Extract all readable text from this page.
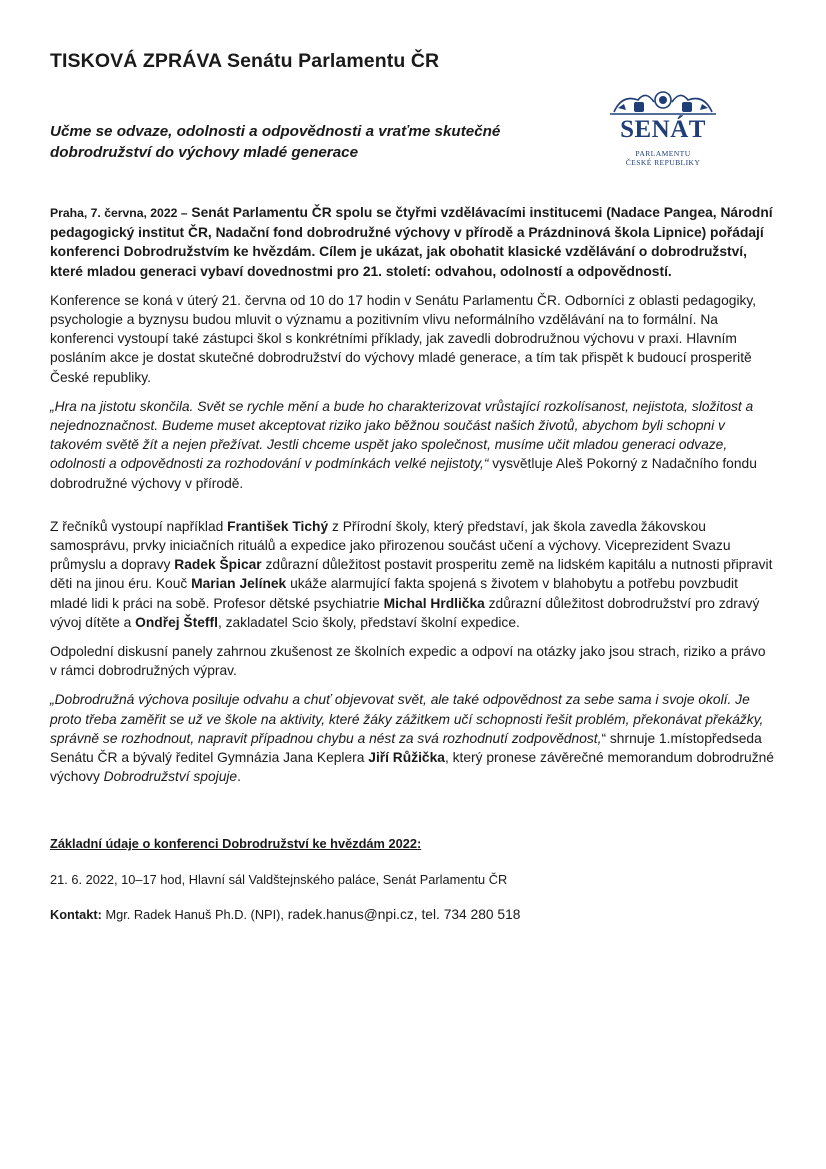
TISKOVÁ ZPRÁVA Senátu Parlamentu ČR
Učme se odvaze, odolnosti a odpovědnosti a vraťme skutečné
dobrodružství do výchovy mladé generace
SENÁT
PARLAMENTU
ČESKÉ REPUBLIKY

Praha, 7. června, 2022 – Senát Parlamentu ČR spolu se čtyřmi vzdělávacími institucemi (Nadace Pangea, Národní pedagogický institut ČR, Nadační fond dobrodružné výchovy v přírodě a Prázdninová škola Lipnice) pořádají konferenci Dobrodružstvím ke hvězdám. Cílem je ukázat, jak obohatit klasické vzdělávání o dobrodružství, které mladou generaci vybaví dovednostmi pro 21. století: odvahou, odolností a odpovědností.

Konference se koná v úterý 21. června od 10 do 17 hodin v Senátu Parlamentu ČR. Odborníci z oblasti pedagogiky, psychologie a byznysu budou mluvit o významu a pozitivním vlivu neformálního vzdělávání na to formální. Na konferenci vystoupí také zástupci škol s konkrétními příklady, jak zavedli dobrodružnou výchovu v praxi. Hlavním posláním akce je dostat skutečné dobrodružství do výchovy mladé generace, a tím tak přispět k budoucí prosperitě České republiky.

„Hra na jistotu skončila. Svět se rychle mění a bude ho charakterizovat vrůstající rozkolísanost, nejistota, složitost a nejednoznačnost. Budeme muset akceptovat riziko jako běžnou součást našich životů, abychom byli schopni v takovém světě žít a nejen přežívat. Jestli chceme uspět jako společnost, musíme učit mladou generaci odvaze, odolnosti a odpovědnosti za rozhodování v podmínkách velké nejistoty,“ vysvětluje Aleš Pokorný z Nadačního fondu dobrodružné výchovy v přírodě.

Z řečníků vystoupí například František Tichý z Přírodní školy, který představí, jak škola zavedla žákovskou samosprávu, prvky iniciačních rituálů a expedice jako přirozenou součást učení a výchovy. Viceprezident Svazu průmyslu a dopravy Radek Špicar zdůrazní důležitost postavit prosperitu země na lidském kapitálu a nutnosti připravit děti na jinou éru. Kouč Marian Jelínek ukáže alarmující fakta spojená s životem v blahobytu a potřebu povzbudit mladé lidi k práci na sobě. Profesor dětské psychiatrie Michal Hrdlička zdůrazní důležitost dobrodružství pro zdravý vývoj dítěte a Ondřej Šteffl, zakladatel Scio školy, představí školní expedice.

Odpolední diskusní panely zahrnou zkušenost ze školních expedic a odpoví na otázky jako jsou strach, riziko a právo v rámci dobrodružných výprav.

„Dobrodružná výchova posiluje odvahu a chuť objevovat svět, ale také odpovědnost za sebe sama i svoje okolí. Je proto třeba zaměřit se už ve škole na aktivity, které žáky zážitkem učí schopnosti řešit problém, překonávat překážky, správně se rozhodnout, napravit případnou chybu a nést za svá rozhodnutí zodpovědnost,“ shrnuje 1.místopředseda Senátu ČR a bývalý ředitel Gymnázia Jana Keplera Jiří Růžička, který pronese závěrečné memorandum dobrodružné výchovy Dobrodružství spojuje.

Základní údaje o konferenci Dobrodružství ke hvězdám 2022:

21. 6. 2022, 10–17 hod, Hlavní sál Valdštejnského paláce, Senát Parlamentu ČR

Kontakt: Mgr. Radek Hanuš Ph.D. (NPI), radek.hanus@npi.cz, tel. 734 280 518
